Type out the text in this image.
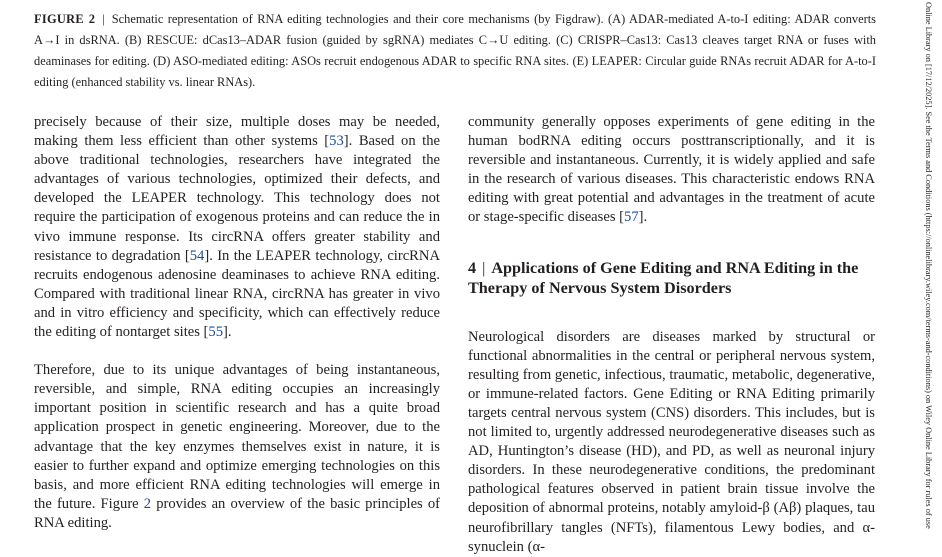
FIGURE 2 | Schematic representation of RNA editing technologies and their core mechanisms (by Figdraw). (A) ADAR-mediated A-to-I editing: ADAR converts A→I in dsRNA. (B) RESCUE: dCas13–ADAR fusion (guided by sgRNA) mediates C→U editing. (C) CRISPR–Cas13: Cas13 cleaves target RNA or fuses with deaminases for editing. (D) ASO-mediated editing: ASOs recruit endogenous ADAR to specific RNA sites. (E) LEAPER: Circular guide RNAs recruit ADAR for A-to-I editing (enhanced stability vs. linear RNAs).

precisely because of their size, multiple doses may be needed, making them less efficient than other systems [53]. Based on the above traditional technologies, researchers have integrated the advantages of various technologies, optimized their defects, and developed the LEAPER technology. This technology does not require the participation of exogenous proteins and can reduce the in vivo immune response. Its circRNA offers greater stability and resistance to degradation [54]. In the LEAPER technology, circRNA recruits endogenous adenosine deaminases to achieve RNA editing. Compared with traditional linear RNA, circRNA has greater in vivo and in vitro efficiency and specificity, which can effectively reduce the editing of nontarget sites [55].

Therefore, due to its unique advantages of being instantaneous, reversible, and simple, RNA editing occupies an increasingly important position in scientific research and has a quite broad application prospect in genetic engineering. Moreover, due to the advantage that the key enzymes themselves exist in nature, it is easier to further expand and optimize emerging technologies on this basis, and more efficient RNA editing technologies will emerge in the future. Figure 2 provides an overview of the basic principles of RNA editing.

community generally opposes experiments of gene editing in the human bodRNA editing occurs posttranscriptionally, and it is reversible and instantaneous. Currently, it is widely applied and safe in the research of various diseases. This characteristic endows RNA editing with great potential and advantages in the treatment of acute or stage-specific diseases [57].

4 | Applications of Gene Editing and RNA Editing in the Therapy of Nervous System Disorders

Neurological disorders are diseases marked by structural or functional abnormalities in the central or peripheral nervous system, resulting from genetic, infectious, traumatic, metabolic, degenerative, or immune-related factors. Gene Editing or RNA Editing primarily targets central nervous system (CNS) disorders. This includes, but is not limited to, urgently addressed neurodegenerative diseases such as AD, Huntington’s disease (HD), and PD, as well as neuronal injury disorders. In these neurodegenerative conditions, the predominant pathological features observed in patient brain tissue involve the deposition of abnormal proteins, notably amyloid-β (Aβ) plaques, tau neurofibrillary tangles (NFTs), filamentous Lewy bodies, and α-synuclein (α-

Online Library on [17/12/2025]. See the Terms and Conditions (https://onlinelibrary.wiley.com/terms-and-conditions) on Wiley Online Library for rules of use
